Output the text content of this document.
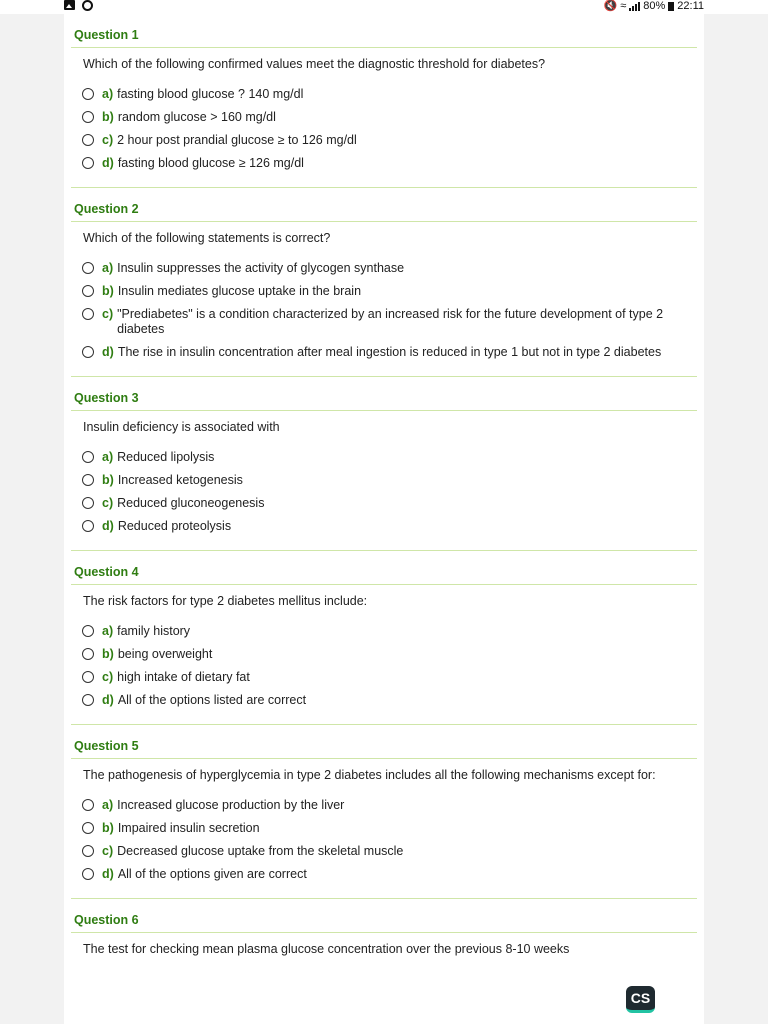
🔇 ≈ 80% 22:11
Question 1
Which of the following confirmed values meet the diagnostic threshold for diabetes?
a) fasting blood glucose ? 140 mg/dl
b) random glucose > 160 mg/dl
c) 2 hour post prandial glucose ≥ to 126 mg/dl
d) fasting blood glucose ≥ 126 mg/dl
Question 2
Which of the following statements is correct?
a) Insulin suppresses the activity of glycogen synthase
b) Insulin mediates glucose uptake in the brain
c) "Prediabetes" is a condition characterized by an increased risk for the future development of type 2 diabetes
d) The rise in insulin concentration after meal ingestion is reduced in type 1 but not in type 2 diabetes
Question 3
Insulin deficiency is associated with
a) Reduced lipolysis
b) Increased ketogenesis
c) Reduced gluconeogenesis
d) Reduced proteolysis
Question 4
The risk factors for type 2 diabetes mellitus include:
a) family history
b) being overweight
c) high intake of dietary fat
d) All of the options listed are correct
Question 5
The pathogenesis of hyperglycemia in type 2 diabetes includes all the following mechanisms except for:
a) Increased glucose production by the liver
b) Impaired insulin secretion
c) Decreased glucose uptake from the skeletal muscle
d) All of the options given are correct
Question 6
The test for checking mean plasma glucose concentration over the previous 8-10 weeks
CS
